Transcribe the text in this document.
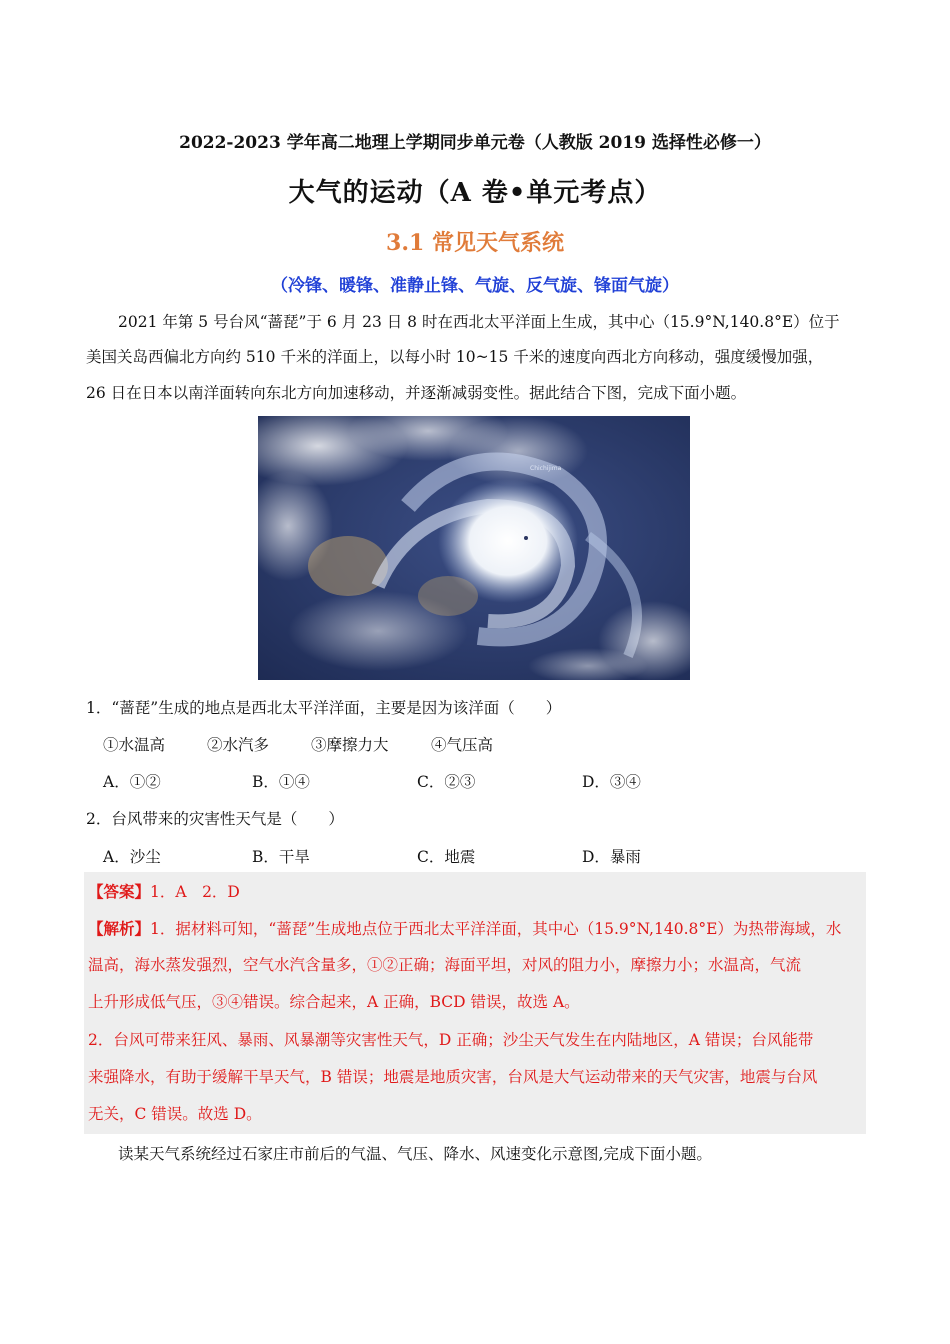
2022-2023 学年高二地理上学期同步单元卷（人教版 2019 选择性必修一）
大气的运动（A 卷•单元考点）
3.1 常见天气系统
（冷锋、暖锋、准静止锋、气旋、反气旋、锋面气旋）
2021 年第 5 号台风“蔷琵”于 6 月 23 日 8 时在西北太平洋面上生成，其中心（15.9°N,140.8°E）位于
美国关岛西偏北方向约 510 千米的洋面上，以每小时 10~15 千米的速度向西北方向移动，强度缓慢加强，
26 日在日本以南洋面转向东北方向加速移动，并逐渐减弱变性。据此结合下图，完成下面小题。
Chichijima
1．“蔷琵”生成的地点是西北太平洋洋面，主要是因为该洋面（　　）
①水温高	②水汽多	③摩擦力大	④气压高
A．①②	B．①④	C．②③	D．③④
2．台风带来的灾害性天气是（　　）
A．沙尘	B．干旱	C．地震	D．暴雨
【答案】1．A　2．D
【解析】1．据材料可知，“蔷琵”生成地点位于西北太平洋洋面，其中心（15.9°N,140.8°E）为热带海域，水
温高，海水蒸发强烈，空气水汽含量多，①②正确；海面平坦，对风的阻力小，摩擦力小；水温高，气流
上升形成低气压，③④错误。综合起来，A 正确，BCD 错误，故选 A。
2．台风可带来狂风、暴雨、风暴潮等灾害性天气，D 正确；沙尘天气发生在内陆地区，A 错误；台风能带
来强降水，有助于缓解干旱天气，B 错误；地震是地质灾害，台风是大气运动带来的天气灾害，地震与台风
无关，C 错误。故选 D。
读某天气系统经过石家庄市前后的气温、气压、降水、风速变化示意图,完成下面小题。
